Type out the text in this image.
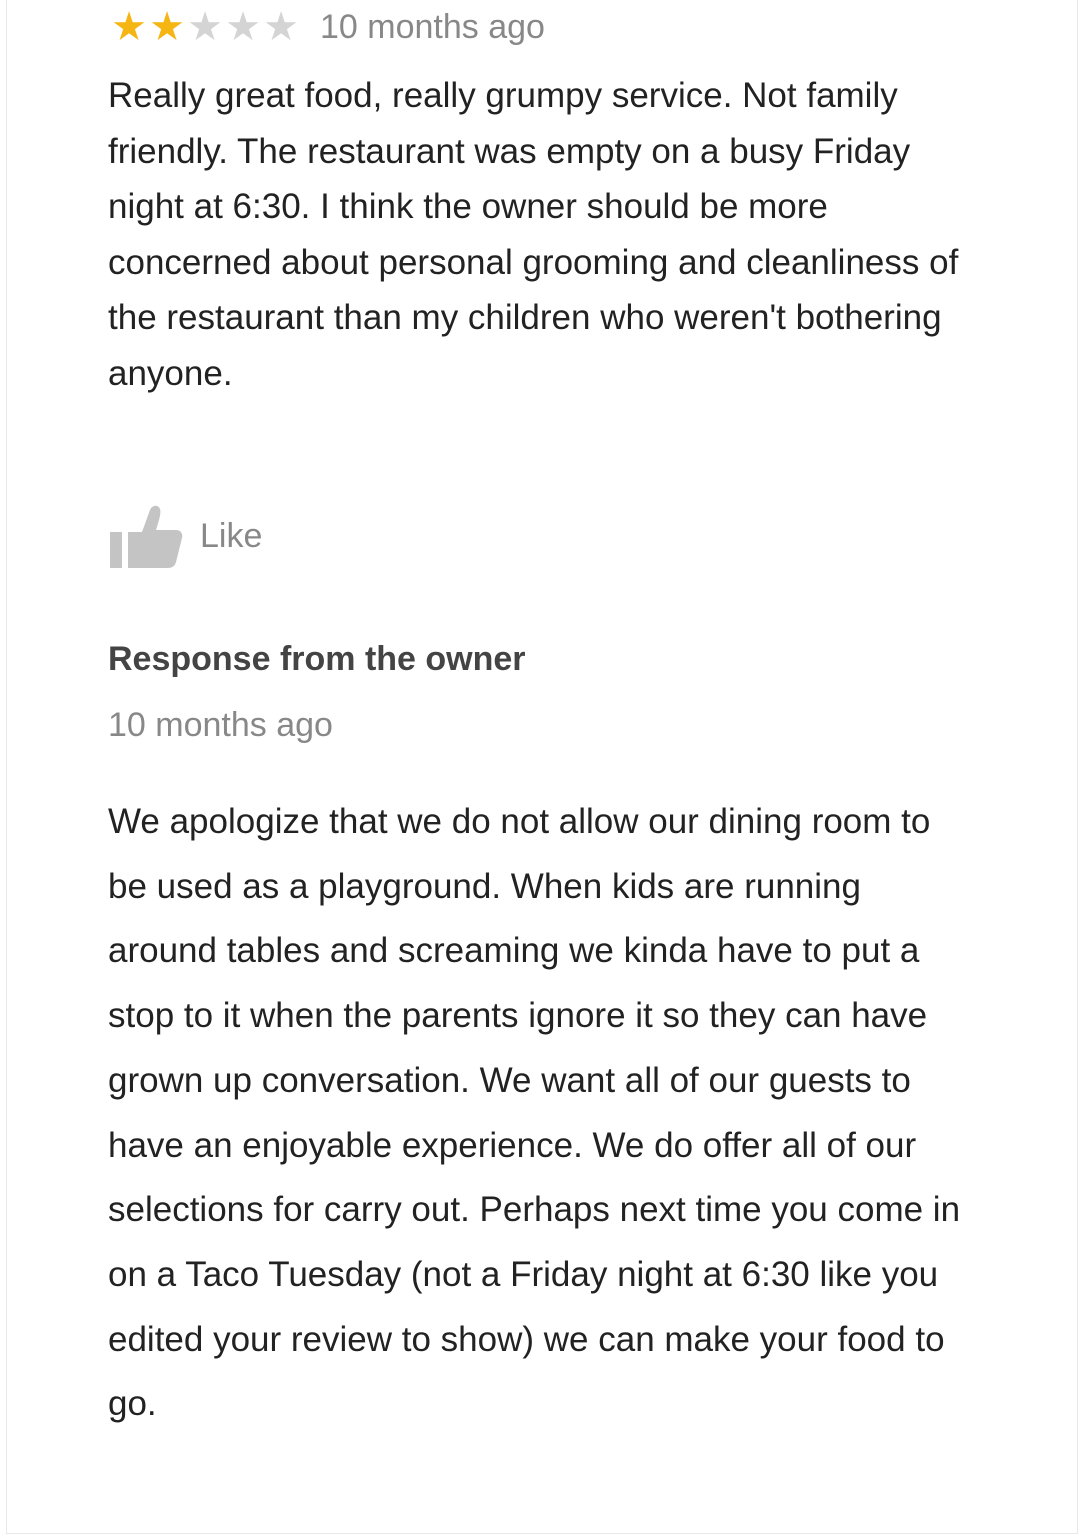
★ ★ ★ ★ ★ 10 months ago
Really great food, really grumpy service. Not family friendly. The restaurant was empty on a busy Friday night at 6:30. I think the owner should be more concerned about personal grooming and cleanliness of the restaurant than my children who weren't bothering anyone.
Like
Response from the owner
10 months ago
We apologize that we do not allow our dining room to be used as a playground. When kids are running around tables and screaming we kinda have to put a stop to it when the parents ignore it so they can have grown up conversation. We want all of our guests to have an enjoyable experience. We do offer all of our selections for carry out. Perhaps next time you come in on a Taco Tuesday (not a Friday night at 6:30 like you edited your review to show) we can make your food to go.
